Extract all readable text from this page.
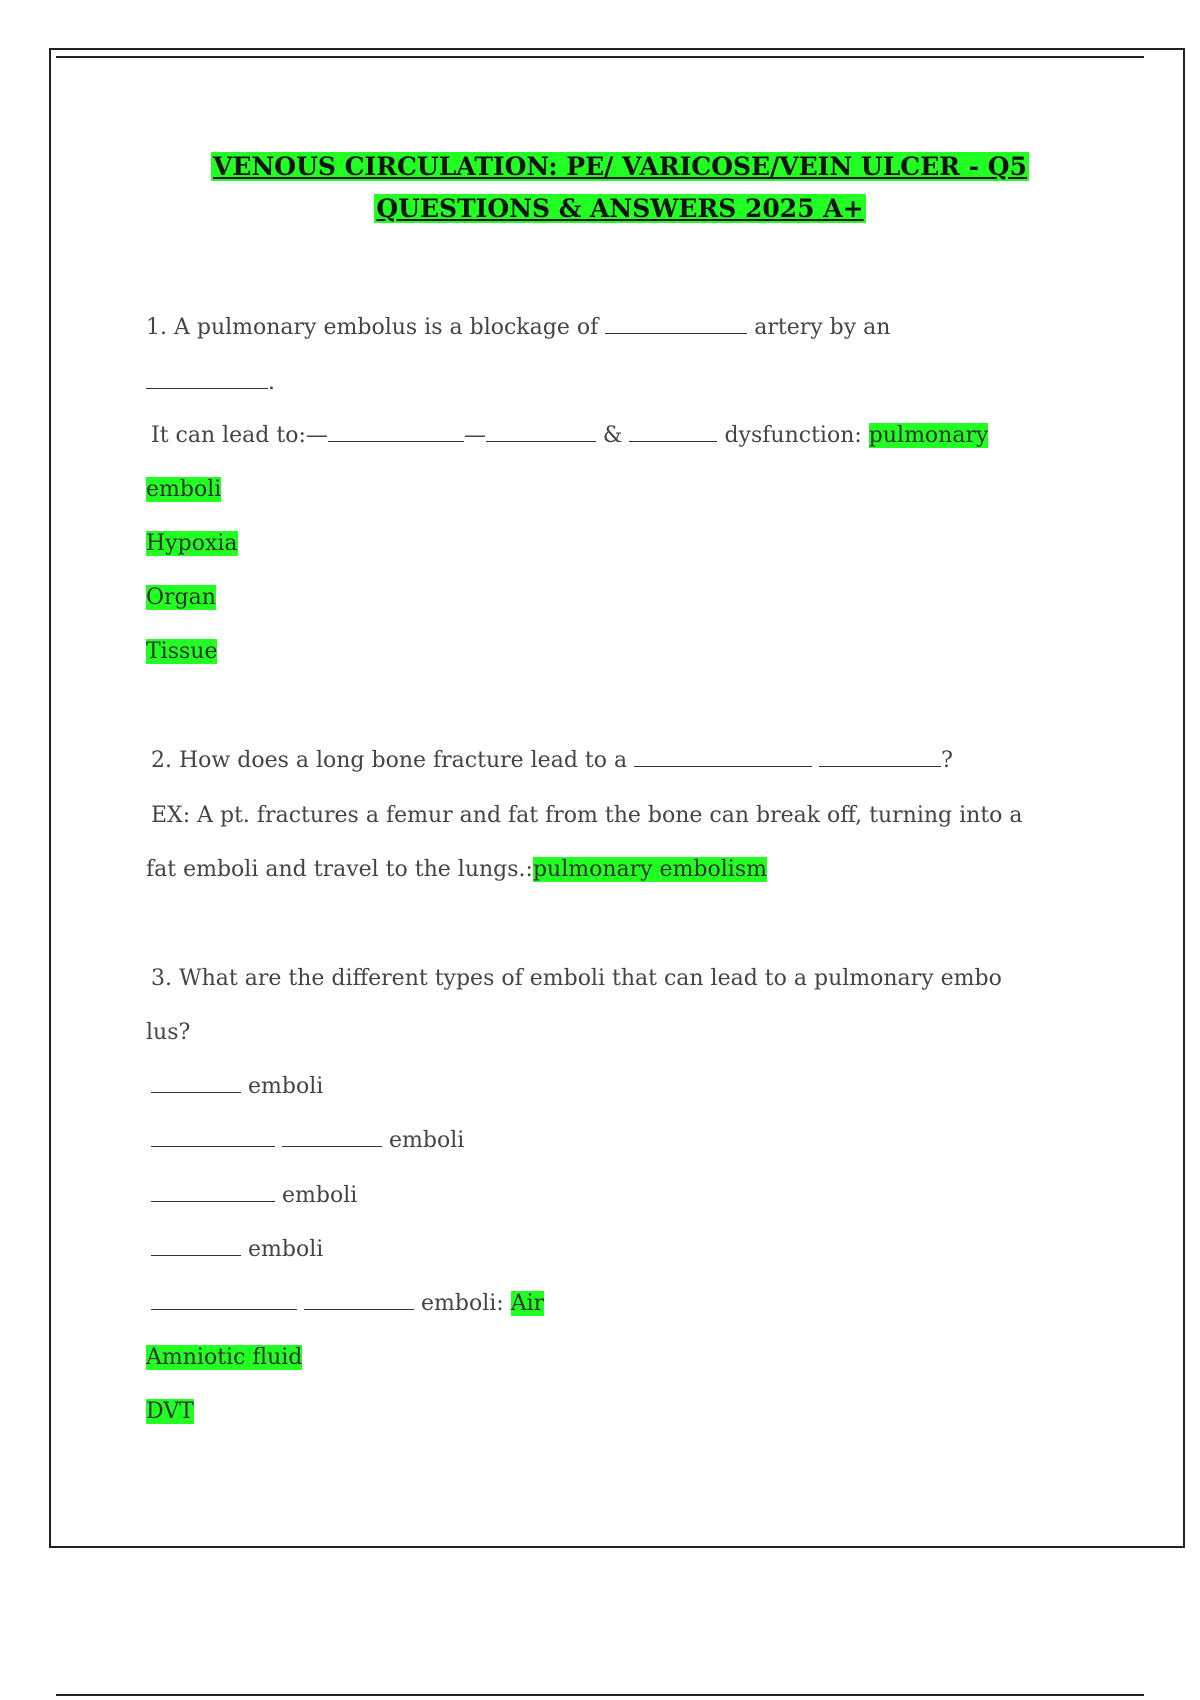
VENOUS CIRCULATION: PE/ VARICOSE/VEIN ULCER - Q5
QUESTIONS & ANSWERS 2025 A+
1. A pulmonary embolus is a blockage of	artery by an
.
It can lead to:—	—	&	dysfunction: pulmonary
emboli
Hypoxia
Organ
Tissue
2. How does a long bone fracture lead to a	?
EX: A pt. fractures a femur and fat from the bone can break off, turning into a
fat emboli and travel to the lungs.:pulmonary embolism
3. What are the different types of emboli that can lead to a pulmonary embo
lus?
emboli
emboli
emboli
emboli
emboli: Air
Amniotic fluid
DVT
